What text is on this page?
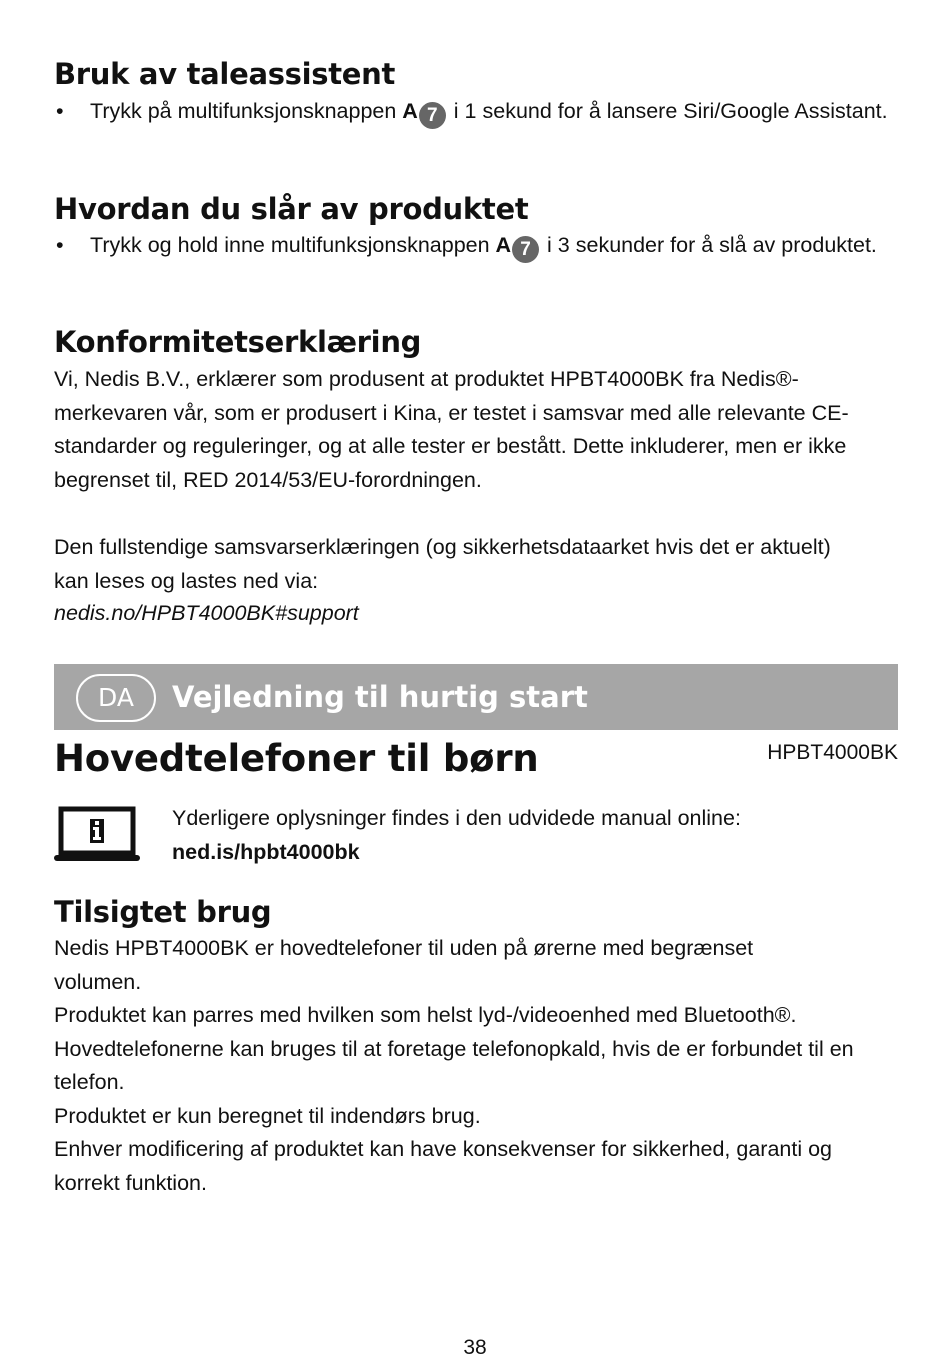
Bruk av taleassistent
• Trykk på multifunksjonsknappen A 7 i 1 sekund for å lansere Siri/Google Assistant.
Hvordan du slår av produktet
• Trykk og hold inne multifunksjonsknappen A 7 i 3 sekunder for å slå av produktet.
Konformitetserklæring

Vi, Nedis B.V., erklærer som produsent at produktet HPBT4000BK fra Nedis®-merkevaren vår, som er produsert i Kina, er testet i samsvar med alle relevante CE-standarder og reguleringer, og at alle tester er bestått. Dette inkluderer, men er ikke begrenset til, RED 2014/53/EU-forordningen.

Den fullstendige samsvarserklæringen (og sikkerhetsdataarket hvis det er aktuelt) kan leses og lastes ned via:

nedis.no/HPBT4000BK#support

DA	Vejledning til hurtig start
Hovedtelefoner til børn	HPBT4000BK
Yderligere oplysninger findes i den udvidede manual online:
ned.is/hpbt4000bk
Tilsigtet brug
Nedis HPBT4000BK er hovedtelefoner til uden på ørerne med begrænset volumen.
Produktet kan parres med hvilken som helst lyd-/videoenhed med Bluetooth®.
Hovedtelefonerne kan bruges til at foretage telefonopkald, hvis de er forbundet til en telefon.
Produktet er kun beregnet til indendørs brug.
Enhver modificering af produktet kan have konsekvenser for sikkerhed, garanti og korrekt funktion.
38
